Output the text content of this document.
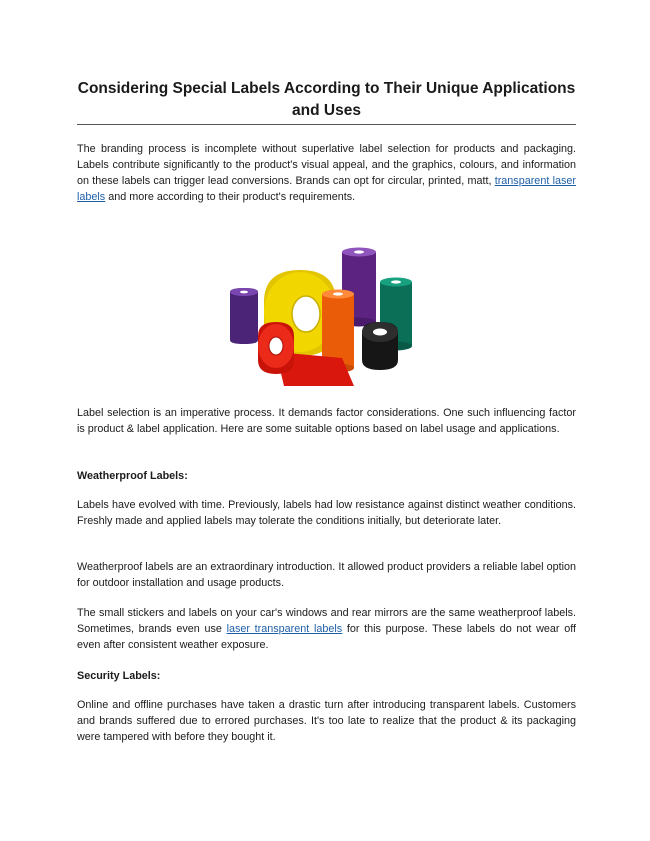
Considering Special Labels According to Their Unique Applications and Uses

The branding process is incomplete without superlative label selection for products and packaging. Labels contribute significantly to the product's visual appeal, and the graphics, colours, and information on these labels can trigger lead conversions. Brands can opt for circular, printed, matt, transparent laser labels and more according to their product's requirements.

Label selection is an imperative process. It demands factor considerations. One such influencing factor is product & label application. Here are some suitable options based on label usage and applications.

Weatherproof Labels:

Labels have evolved with time. Previously, labels had low resistance against distinct weather conditions. Freshly made and applied labels may tolerate the conditions initially, but deteriorate later.

Weatherproof labels are an extraordinary introduction. It allowed product providers a reliable label option for outdoor installation and usage products.

The small stickers and labels on your car's windows and rear mirrors are the same weatherproof labels. Sometimes, brands even use laser transparent labels for this purpose. These labels do not wear off even after consistent weather exposure.

Security Labels:

Online and offline purchases have taken a drastic turn after introducing transparent labels. Customers and brands suffered due to errored purchases. It's too late to realize that the product & its packaging were tampered with before they bought it.
